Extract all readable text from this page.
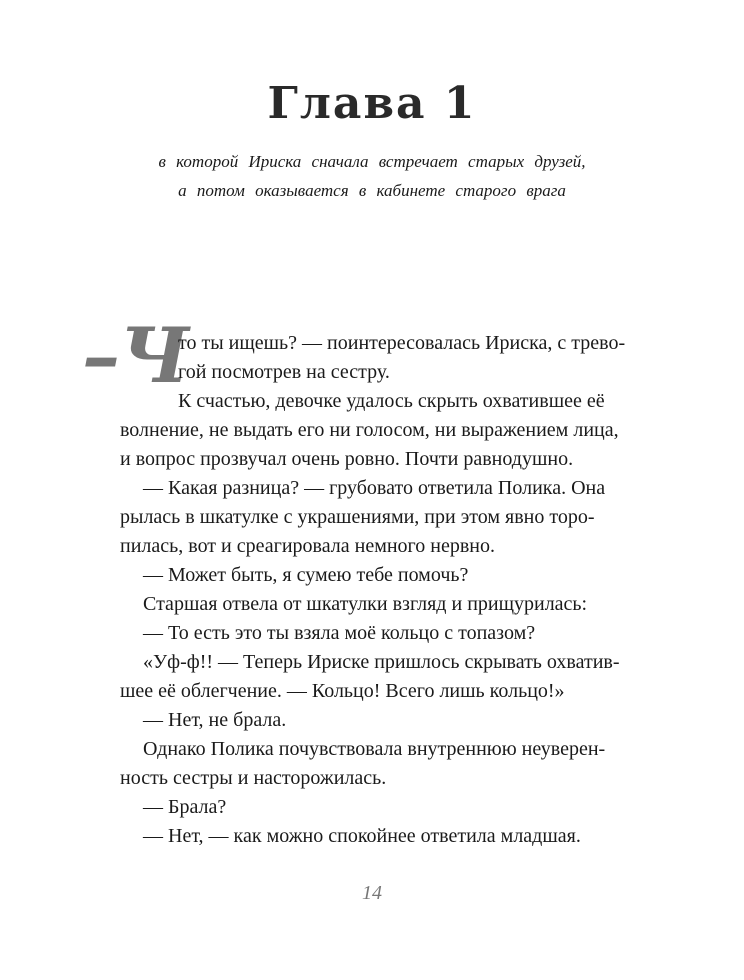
Глава 1
в которой Ириска сначала встречает старых друзей,
а потом оказывается в кабинете старого врага
–Ч
то ты ищешь? — поинтересовалась Ириска, с трево-
гой посмотрев на сестру.
К счастью, девочке удалось скрыть охватившее её
волнение, не выдать его ни голосом, ни выражением лица,
и вопрос прозвучал очень ровно. Почти равнодушно.
— Какая разница? — грубовато ответила Полика. Она
рылась в шкатулке с украшениями, при этом явно торо-
пилась, вот и среагировала немного нервно.
— Может быть, я сумею тебе помочь?
Старшая отвела от шкатулки взгляд и прищурилась:
— То есть это ты взяла моё кольцо с топазом?
«Уф-ф!! — Теперь Ириске пришлось скрывать охватив-
шее её облегчение. — Кольцо! Всего лишь кольцо!»
— Нет, не брала.
Однако Полика почувствовала внутреннюю неуверен-
ность сестры и насторожилась.
— Брала?
— Нет, — как можно спокойнее ответила младшая.
14
